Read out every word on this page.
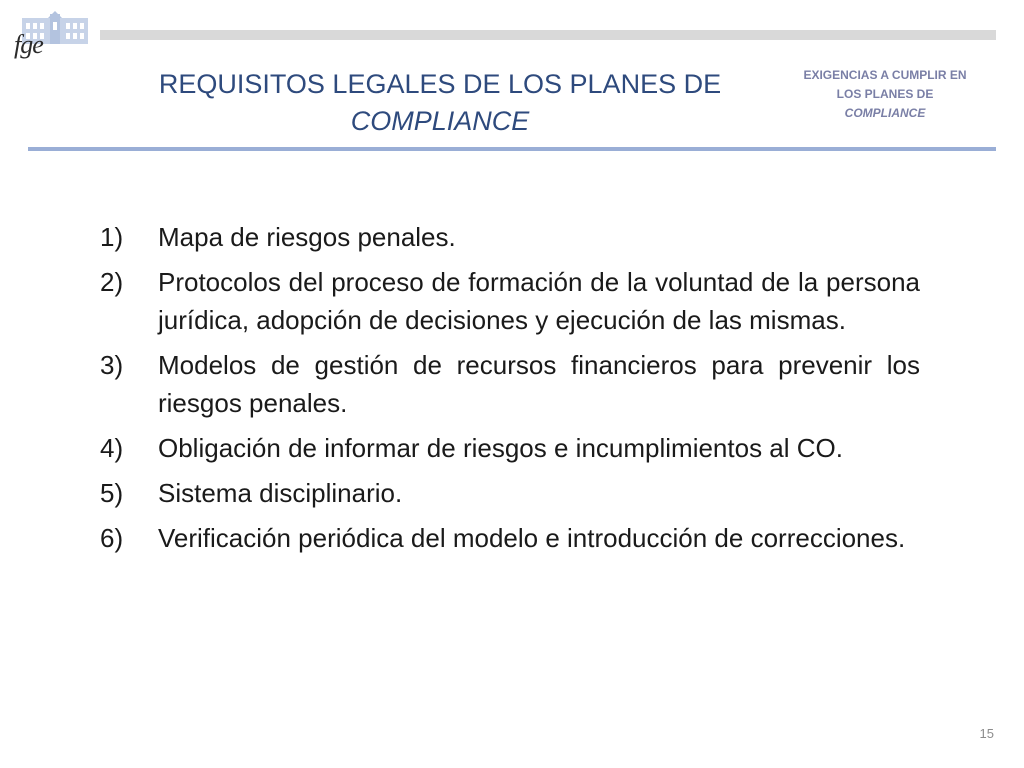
fge
REQUISITOS LEGALES DE LOS PLANES DE
COMPLIANCE
EXIGENCIAS A CUMPLIR EN
LOS PLANES DE
COMPLIANCE
1) Mapa de riesgos penales.
2) Protocolos del proceso de formación de la voluntad de la persona jurídica, adopción de decisiones y ejecución de las mismas.
3) Modelos de gestión de recursos financieros para prevenir los riesgos penales.
4) Obligación de informar de riesgos e incumplimientos al CO.
5) Sistema disciplinario.
6) Verificación periódica del modelo e introducción de correcciones.
15
